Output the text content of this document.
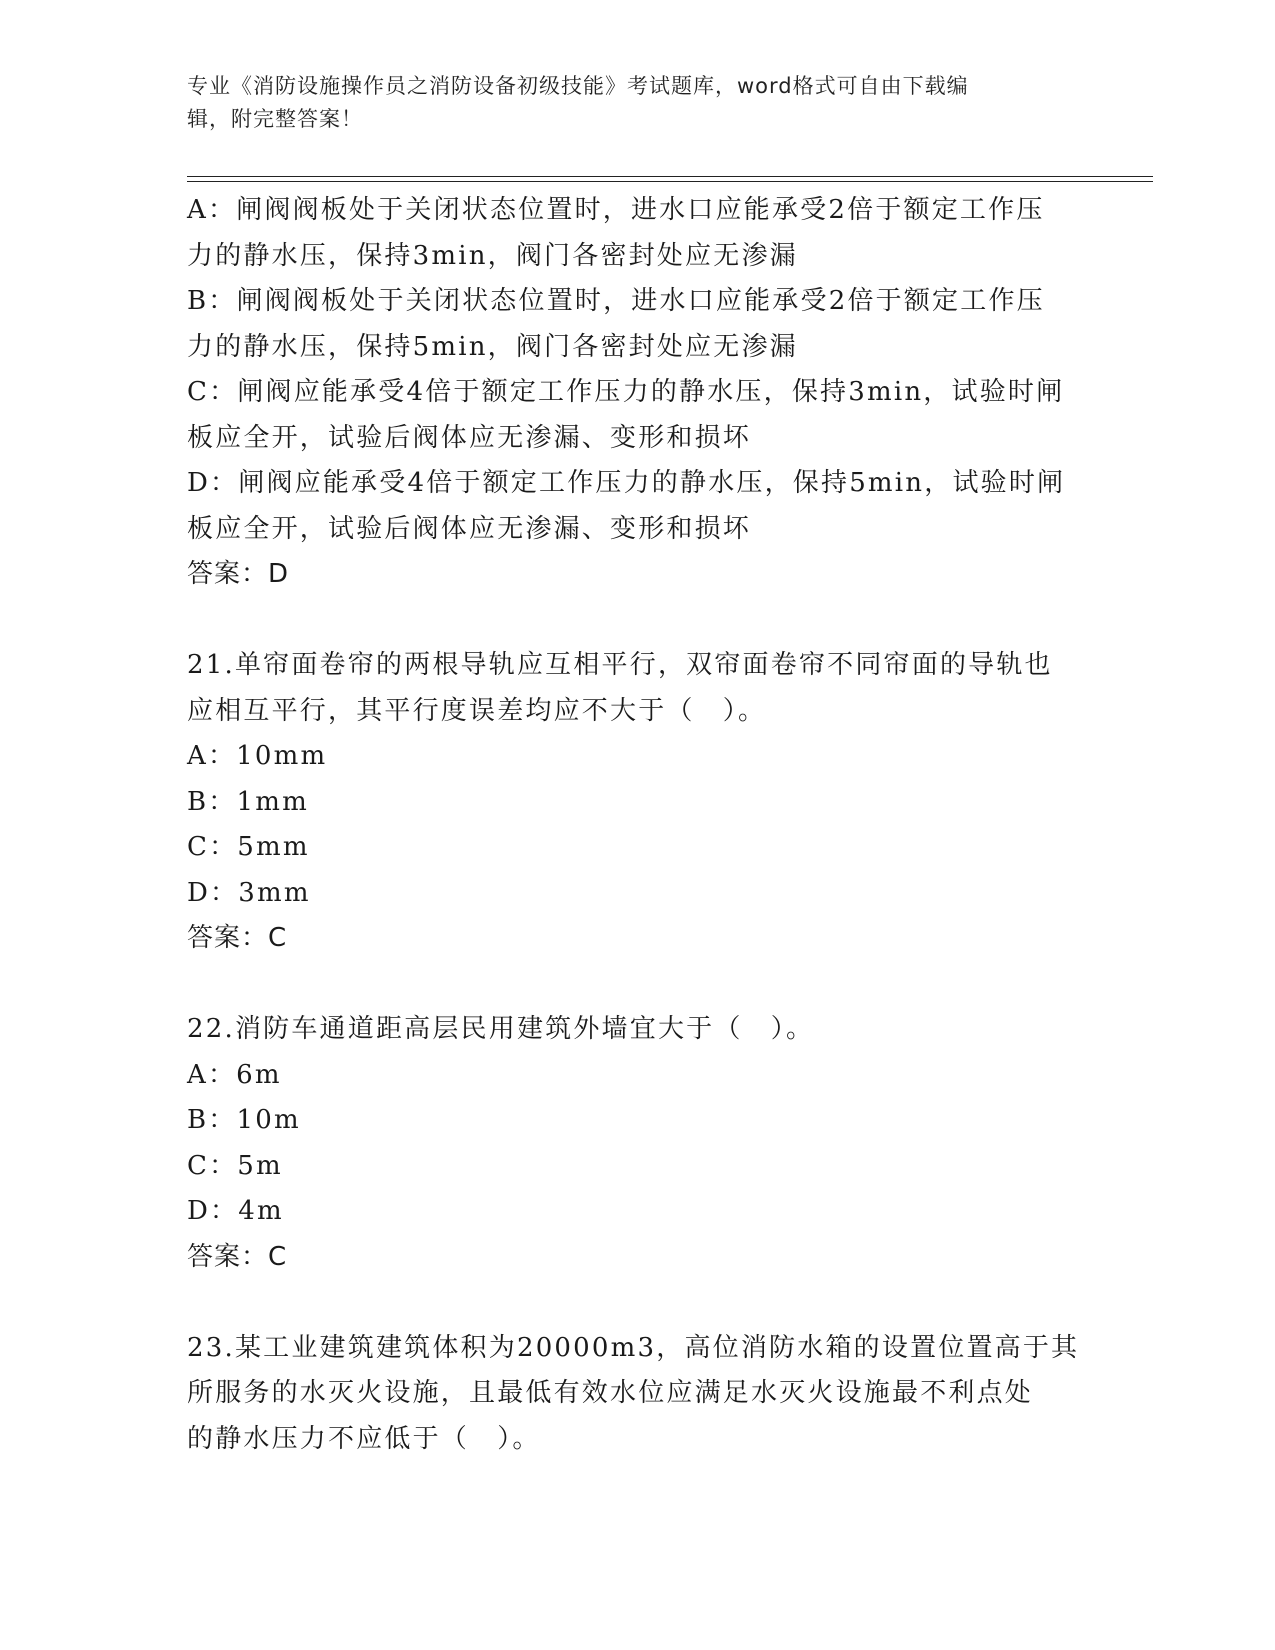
专业《消防设施操作员之消防设备初级技能》考试题库，word格式可自由下载编
辑，附完整答案！
A：闸阀阀板处于关闭状态位置时，进水口应能承受2倍于额定工作压
力的静水压，保持3min，阀门各密封处应无渗漏
B：闸阀阀板处于关闭状态位置时，进水口应能承受2倍于额定工作压
力的静水压，保持5min，阀门各密封处应无渗漏
C：闸阀应能承受4倍于额定工作压力的静水压，保持3min，试验时闸
板应全开，试验后阀体应无渗漏、变形和损坏
D：闸阀应能承受4倍于额定工作压力的静水压，保持5min，试验时闸
板应全开，试验后阀体应无渗漏、变形和损坏
答案：D
21.单帘面卷帘的两根导轨应互相平行，双帘面卷帘不同帘面的导轨也
应相互平行，其平行度误差均应不大于（　）。
A：10mm
B：1mm
C：5mm
D：3mm
答案：C
22.消防车通道距高层民用建筑外墙宜大于（　）。
A：6m
B：10m
C：5m
D：4m
答案：C
23.某工业建筑建筑体积为20000m3，高位消防水箱的设置位置高于其
所服务的水灭火设施，且最低有效水位应满足水灭火设施最不利点处
的静水压力不应低于（　）。
